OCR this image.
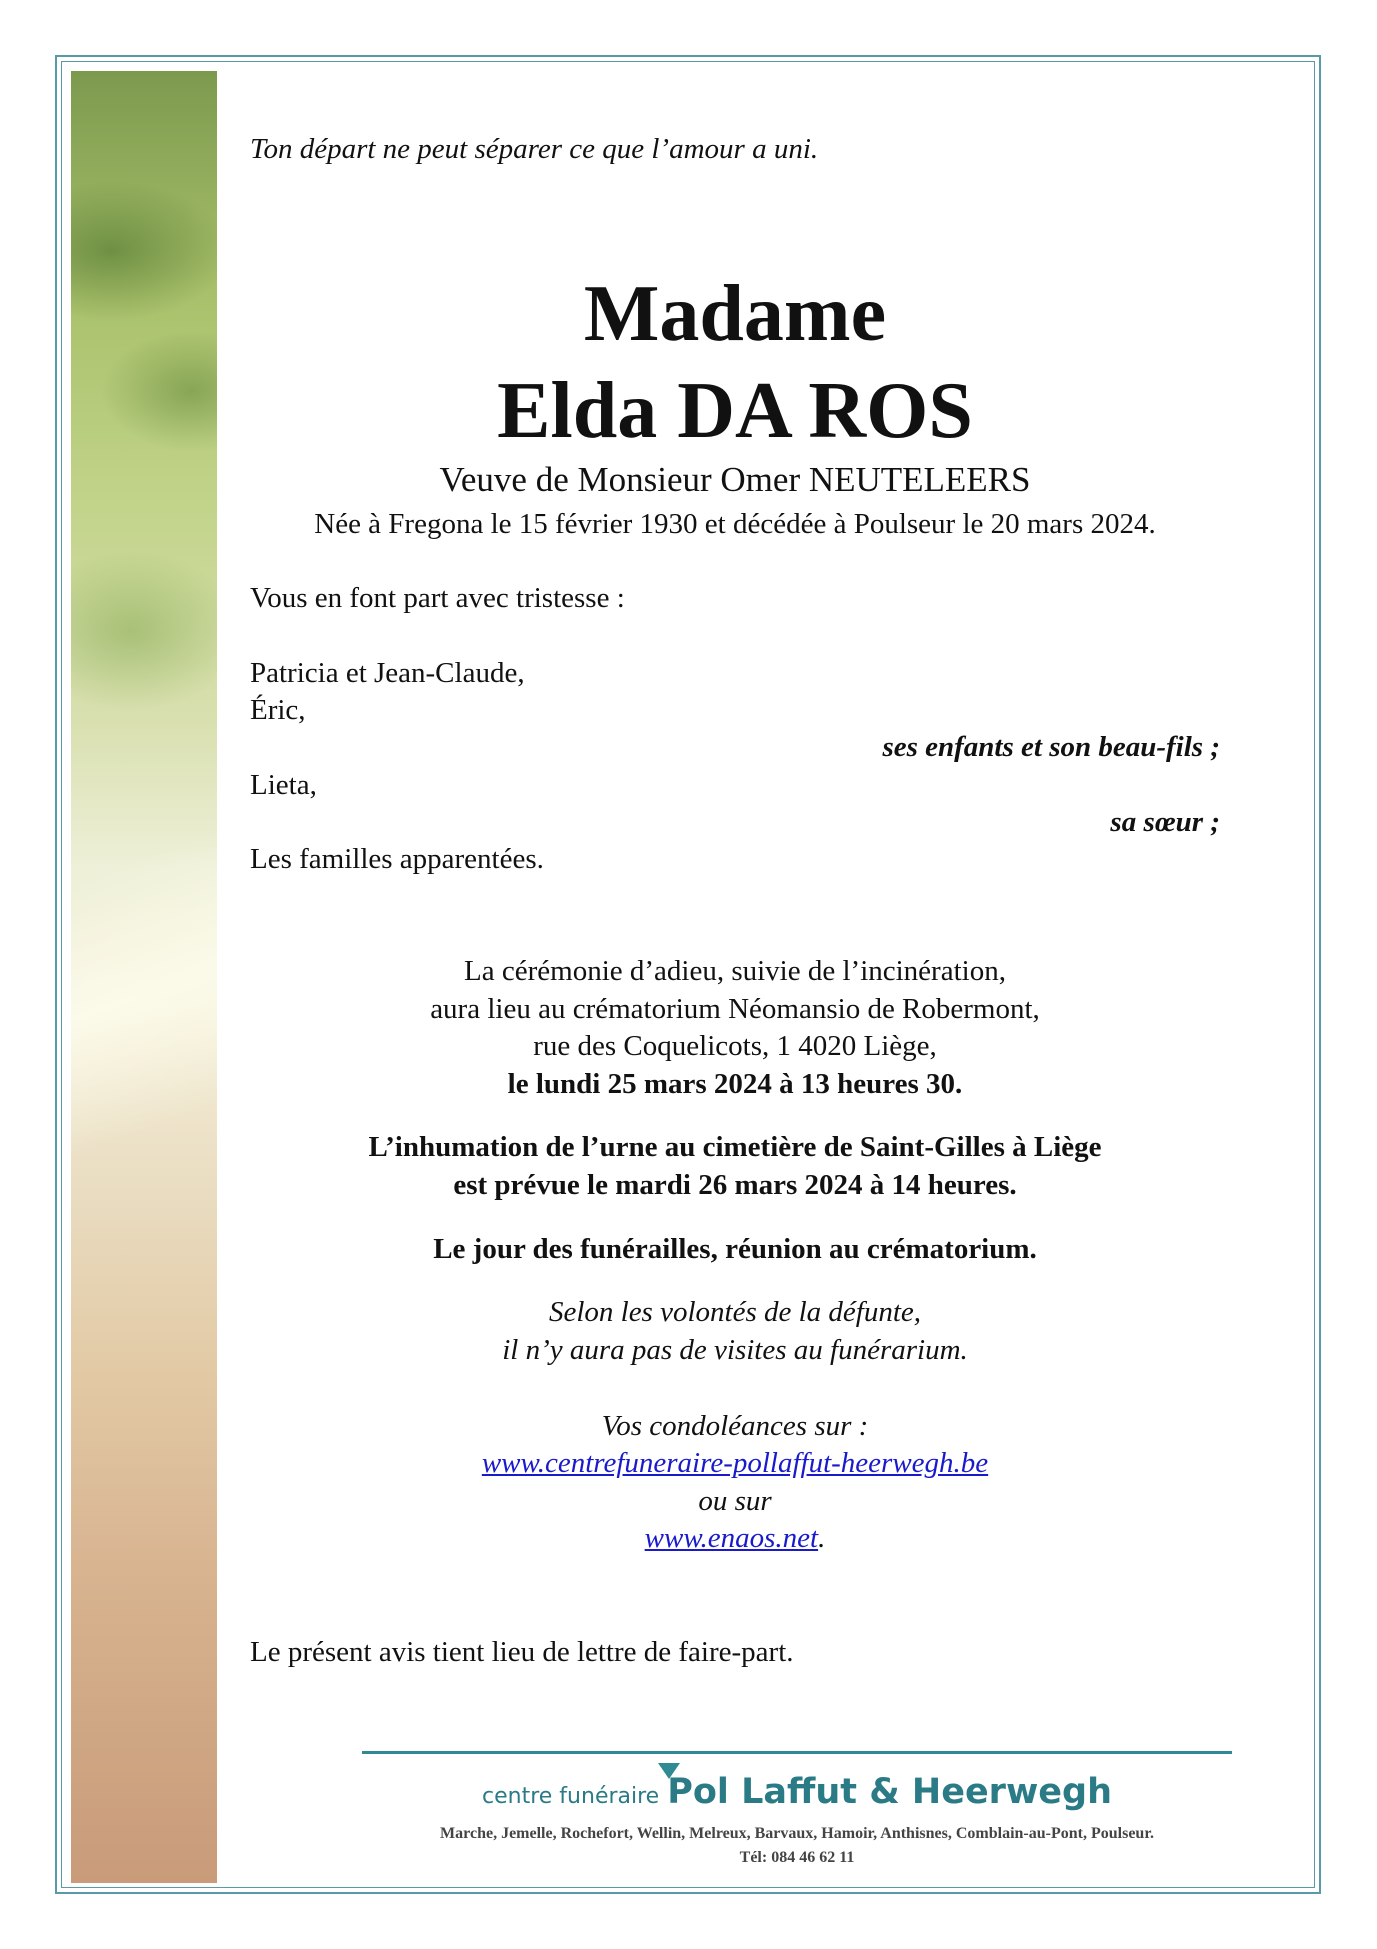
Ton départ ne peut séparer ce que l’amour a uni.
Madame
Elda DA ROS
Veuve de Monsieur Omer NEUTELEERS
Née à Fregona le 15 février 1930 et décédée à Poulseur le 20 mars 2024.
Vous en font part avec tristesse :
Patricia et Jean-Claude,
Éric,
ses enfants et son beau-fils ;
Lieta,
sa sœur ;
Les familles apparentées.
La cérémonie d’adieu, suivie de l’incinération,
aura lieu au crématorium Néomansio de Robermont,
rue des Coquelicots, 1 4020 Liège,
le lundi 25 mars 2024 à 13 heures 30.
L’inhumation de l’urne au cimetière de Saint-Gilles à Liège
est prévue le mardi 26 mars 2024 à 14 heures.
Le jour des funérailles, réunion au crématorium.
Selon les volontés de la défunte,
il n’y aura pas de visites au funérarium.
Vos condoléances sur :
www.centrefuneraire-pollaffut-heerwegh.be
ou sur
www.enaos.net.
Le présent avis tient lieu de lettre de faire-part.
centre funéraire Pol Laffut & Heerwegh
Marche, Jemelle, Rochefort, Wellin, Melreux, Barvaux, Hamoir, Anthisnes, Comblain-au-Pont, Poulseur.
Tél: 084 46 62 11
